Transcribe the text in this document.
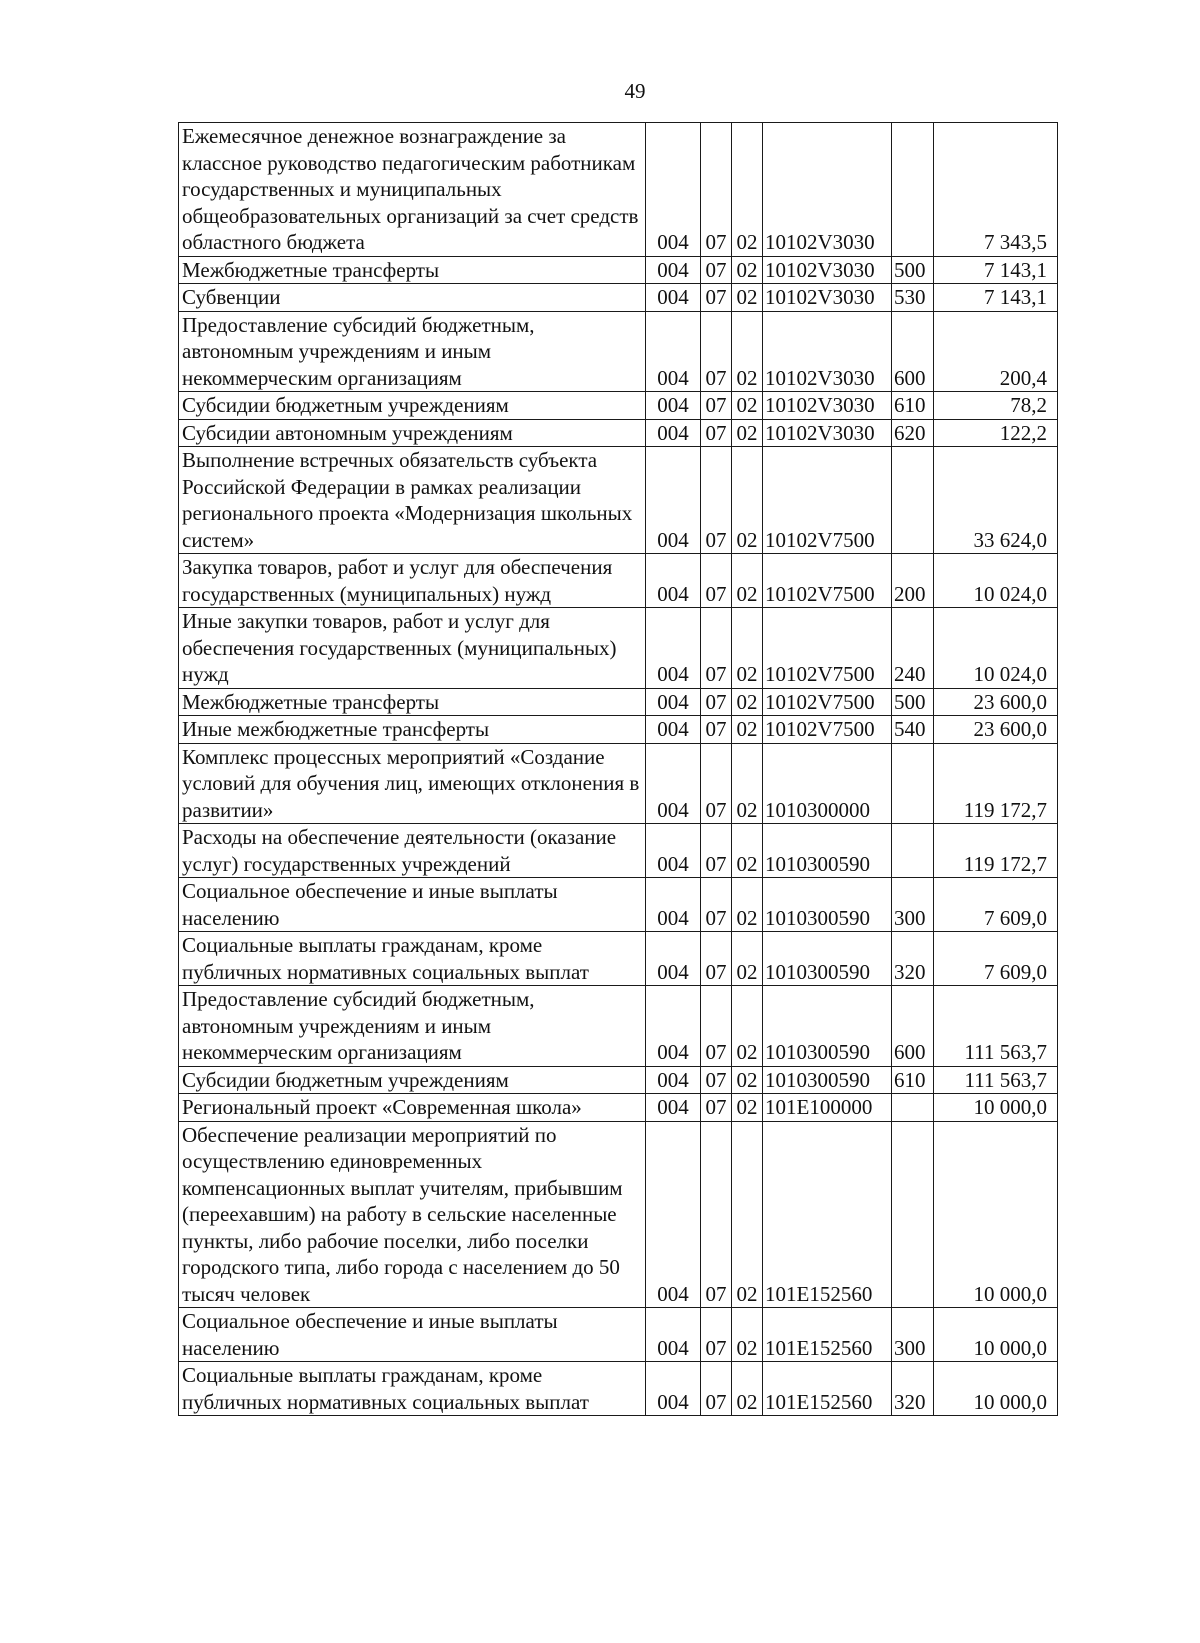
49
Ежемесячное денежное вознаграждение за классное руководство педагогическим работникам государственных и муниципальных общеобразовательных организаций за счет средств областного бюджета	004	07	02	10102V3030		7 343,5
Межбюджетные трансферты	004	07	02	10102V3030	500	7 143,1
Субвенции	004	07	02	10102V3030	530	7 143,1
Предоставление субсидий бюджетным, автономным учреждениям и иным некоммерческим организациям	004	07	02	10102V3030	600	200,4
Субсидии бюджетным учреждениям	004	07	02	10102V3030	610	78,2
Субсидии автономным учреждениям	004	07	02	10102V3030	620	122,2
Выполнение встречных обязательств субъекта Российской Федерации в рамках реализации регионального проекта «Модернизация школьных систем»	004	07	02	10102V7500		33 624,0
Закупка товаров, работ и услуг для обеспечения государственных (муниципальных) нужд	004	07	02	10102V7500	200	10 024,0
Иные закупки товаров, работ и услуг для обеспечения государственных (муниципальных) нужд	004	07	02	10102V7500	240	10 024,0
Межбюджетные трансферты	004	07	02	10102V7500	500	23 600,0
Иные межбюджетные трансферты	004	07	02	10102V7500	540	23 600,0
Комплекс процессных мероприятий «Создание условий для обучения лиц, имеющих отклонения в развитии»	004	07	02	1010300000		119 172,7
Расходы на обеспечение деятельности (оказание услуг) государственных учреждений	004	07	02	1010300590		119 172,7
Социальное обеспечение и иные выплаты населению	004	07	02	1010300590	300	7 609,0
Социальные выплаты гражданам, кроме публичных нормативных социальных выплат	004	07	02	1010300590	320	7 609,0
Предоставление субсидий бюджетным, автономным учреждениям и иным некоммерческим организациям	004	07	02	1010300590	600	111 563,7
Субсидии бюджетным учреждениям	004	07	02	1010300590	610	111 563,7
Региональный проект «Современная школа»	004	07	02	101E100000		10 000,0
Обеспечение реализации мероприятий по осуществлению единовременных компенсационных выплат учителям, прибывшим (переехавшим) на работу в сельские населенные пункты, либо рабочие поселки, либо поселки городского типа, либо города с населением до 50 тысяч человек	004	07	02	101E152560		10 000,0
Социальное обеспечение и иные выплаты населению	004	07	02	101E152560	300	10 000,0
Социальные выплаты гражданам, кроме публичных нормативных социальных выплат	004	07	02	101E152560	320	10 000,0
